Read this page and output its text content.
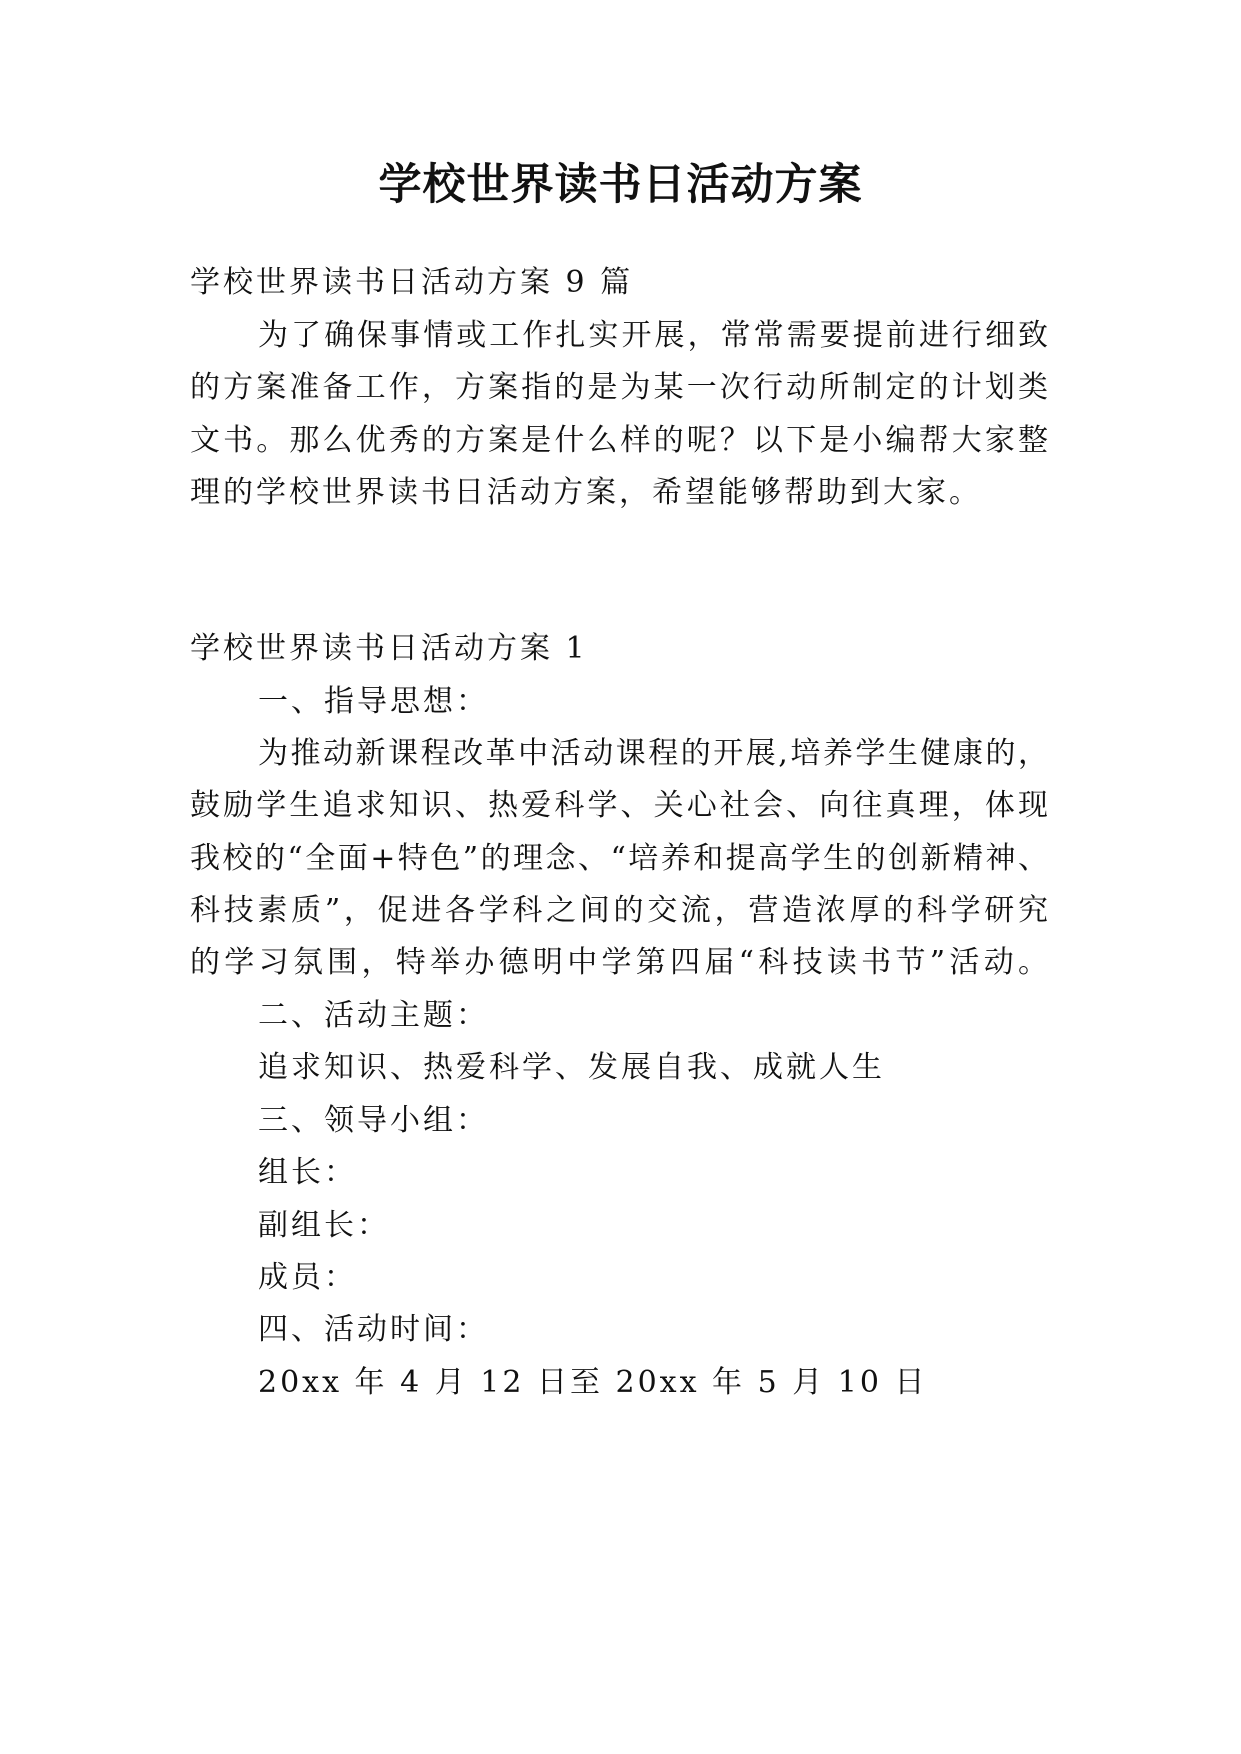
学校世界读书日活动方案
学校世界读书日活动方案 9 篇
为了确保事情或工作扎实开展，常常需要提前进行细致
的方案准备工作，方案指的是为某一次行动所制定的计划类
文书。那么优秀的方案是什么样的呢？以下是小编帮大家整
理的学校世界读书日活动方案，希望能够帮助到大家。
学校世界读书日活动方案 1
一、指导思想：
为推动新课程改革中活动课程的开展,培养学生健康的，
鼓励学生追求知识、热爱科学、关心社会、向往真理，体现
我校的“全面+特色”的理念、“培养和提高学生的创新精神、
科技素质”，促进各学科之间的交流，营造浓厚的科学研究
的学习氛围，特举办德明中学第四届“科技读书节”活动。
二、活动主题：
追求知识、热爱科学、发展自我、成就人生
三、领导小组：
组长：
副组长：
成员：
四、活动时间：
20xx 年 4 月 12 日至 20xx 年 5 月 10 日
